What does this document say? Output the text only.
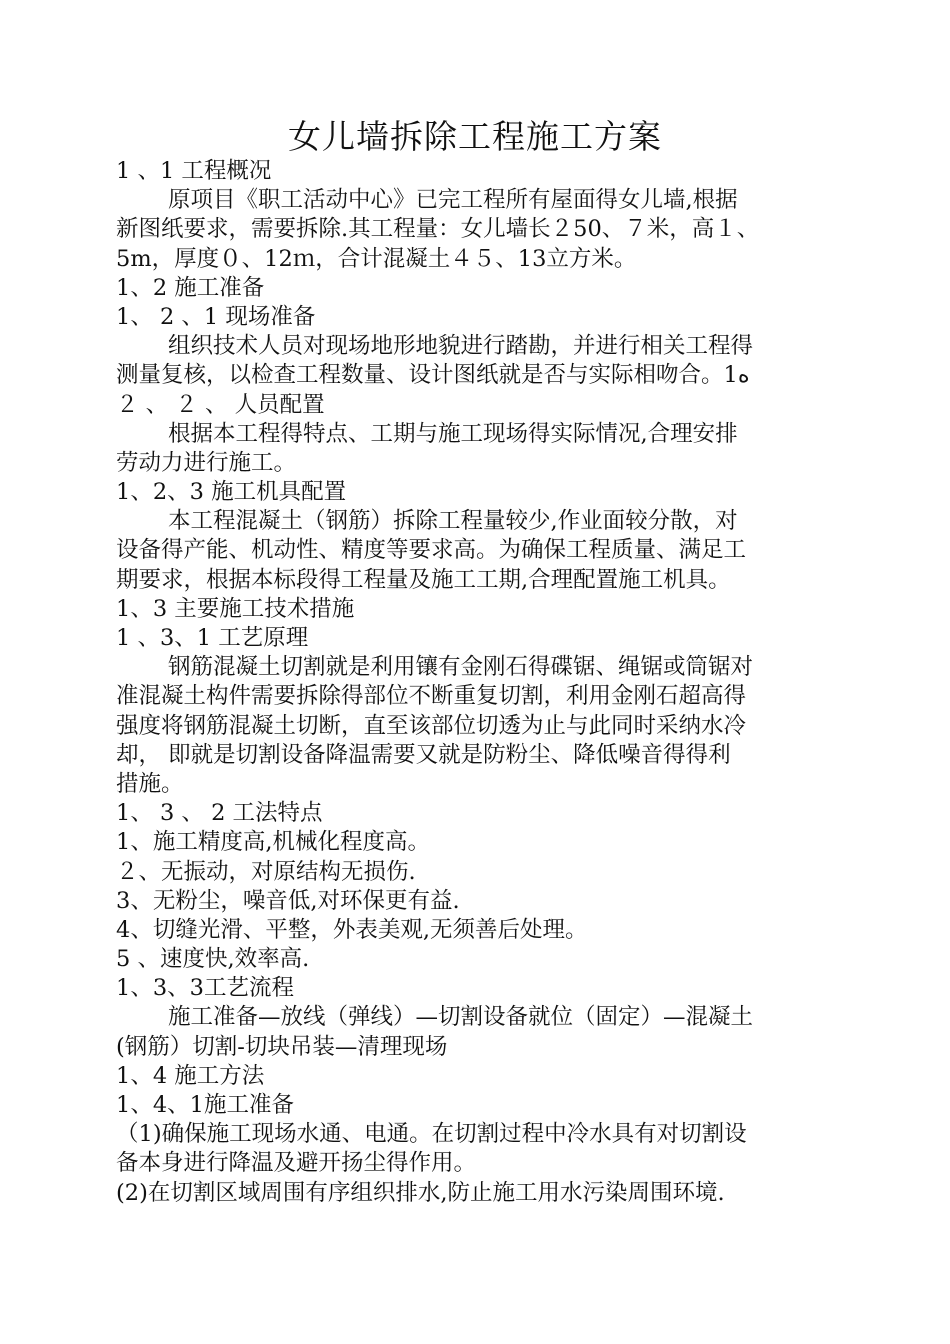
女儿墙拆除工程施工方案

1 、1 工程概况

原项目《职工活动中心》已完工程所有屋面得女儿墙,根据

新图纸要求，需要拆除.其工程量：女儿墙长２50、７米，高１、

5m，厚度０、12ｍ，合计混凝土４５、13立方米。

1、2 施工准备

1、 2 、1 现场准备

组织技术人员对现场地形地貌进行踏勘，并进行相关工程得

测量复核，以检查工程数量、设计图纸就是否与实际相吻合。1ه

２ 、 ２ 、 人员配置

根据本工程得特点、工期与施工现场得实际情况,合理安排

劳动力进行施工。

1、2、3 施工机具配置

本工程混凝土（钢筋）拆除工程量较少,作业面较分散，对

设备得产能、机动性、精度等要求高。为确保工程质量、满足工

期要求，根据本标段得工程量及施工工期,合理配置施工机具。

1、3 主要施工技术措施

1 、3、1 工艺原理

钢筋混凝土切割就是利用镶有金刚石得碟锯、绳锯或筒锯对

准混凝土构件需要拆除得部位不断重复切割，利用金刚石超高得

强度将钢筋混凝土切断，直至该部位切透为止与此同时采纳水冷

却， 即就是切割设备降温需要又就是防粉尘、降低噪音得得利

措施。

1、 3 、 2 工法特点

1、施工精度高,机械化程度高。

２、无振动，对原结构无损伤.

3、无粉尘，噪音低,对环保更有益.

4、切缝光滑、平整，外表美观,无须善后处理。

5 、速度快,效率高.

1、3、3工艺流程

施工准备—放线（弹线）—切割设备就位（固定）—混凝土

(钢筋）切割-切块吊装—清理现场

1、4 施工方法

1、4、1施工准备

（1)确保施工现场水通、电通。在切割过程中冷水具有对切割设

备本身进行降温及避开扬尘得作用。

(2)在切割区域周围有序组织排水,防止施工用水污染周围环境.
